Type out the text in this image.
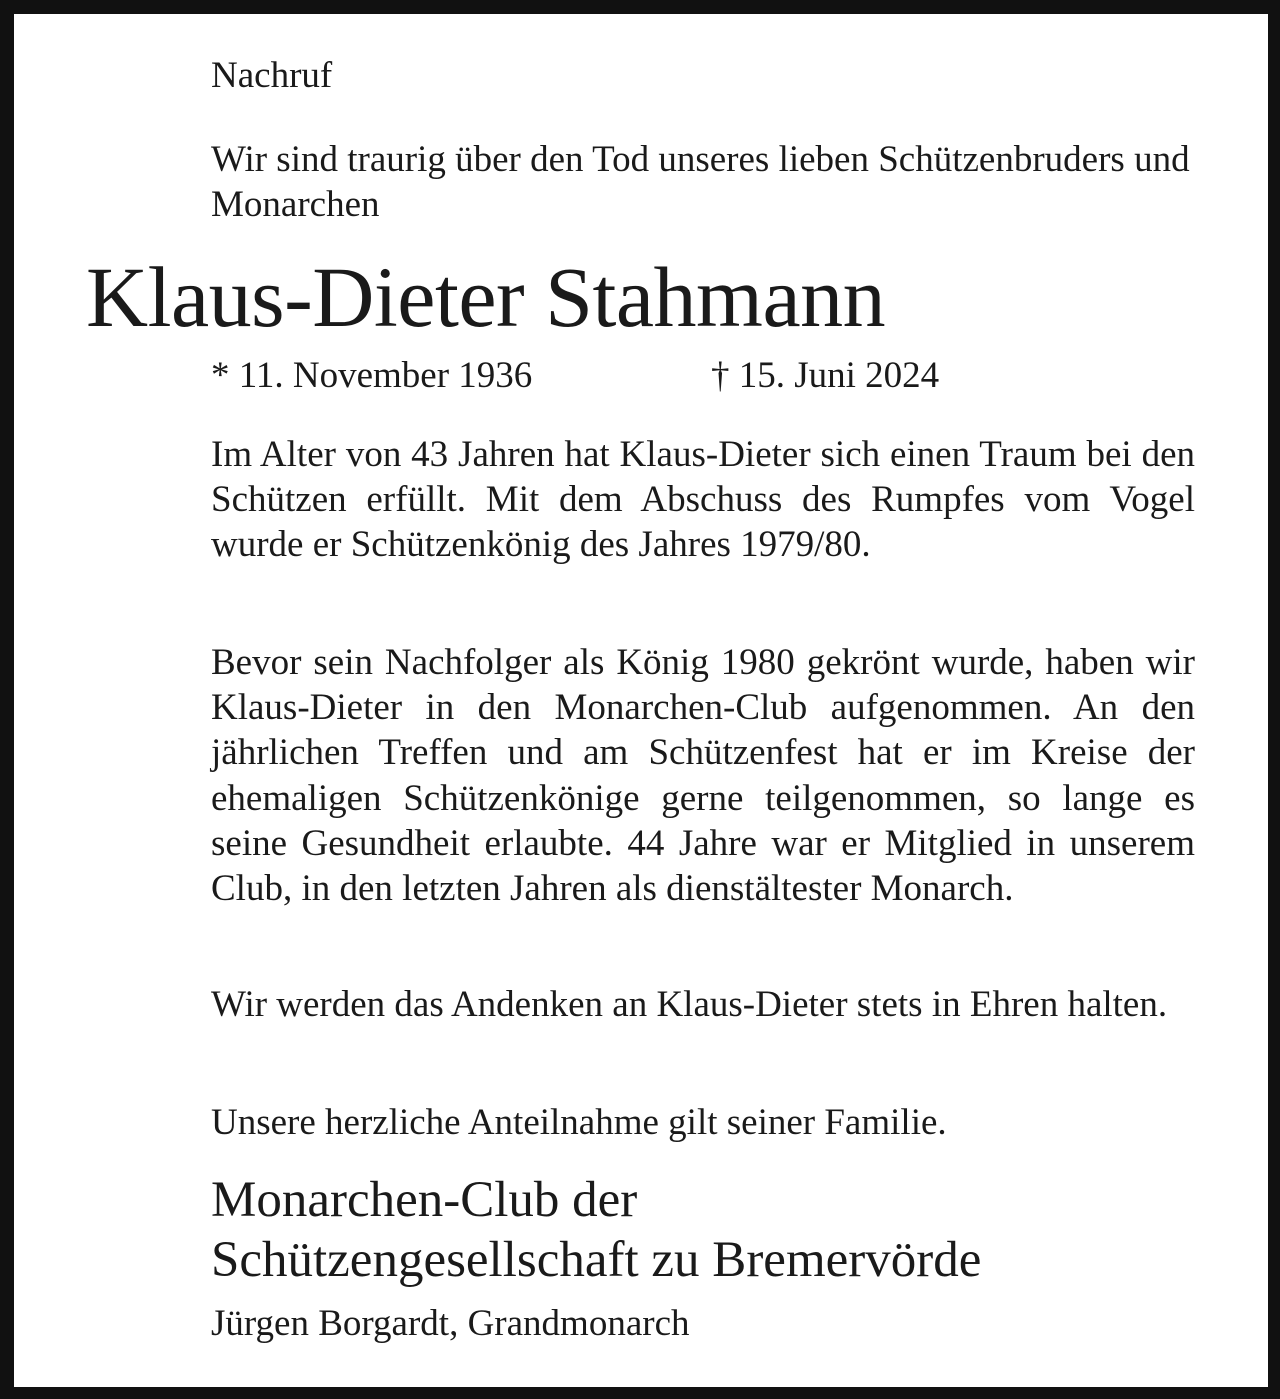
Nachruf
Wir sind traurig über den Tod unseres lieben Schützenbruders und Monarchen
Klaus-Dieter Stahmann
* 11. November 1936	† 15. Juni 2024
Im Alter von 43 Jahren hat Klaus-Dieter sich einen Traum bei den Schützen erfüllt. Mit dem Abschuss des Rumpfes vom Vogel wurde er Schützenkönig des Jahres 1979/80.
Bevor sein Nachfolger als König 1980 gekrönt wurde, haben wir Klaus-Dieter in den Monarchen-Club aufgenommen. An den jährlichen Treffen und am Schützenfest hat er im Kreise der ehemaligen Schützenkönige gerne teilgenommen, so lange es seine Gesundheit erlaubte. 44 Jahre war er Mitglied in unserem Club, in den letzten Jahren als dienstältester Monarch.
Wir werden das Andenken an Klaus-Dieter stets in Ehren halten.
Unsere herzliche Anteilnahme gilt seiner Familie.
Monarchen-Club der
Schützengesellschaft zu Bremervörde
Jürgen Borgardt, Grandmonarch
